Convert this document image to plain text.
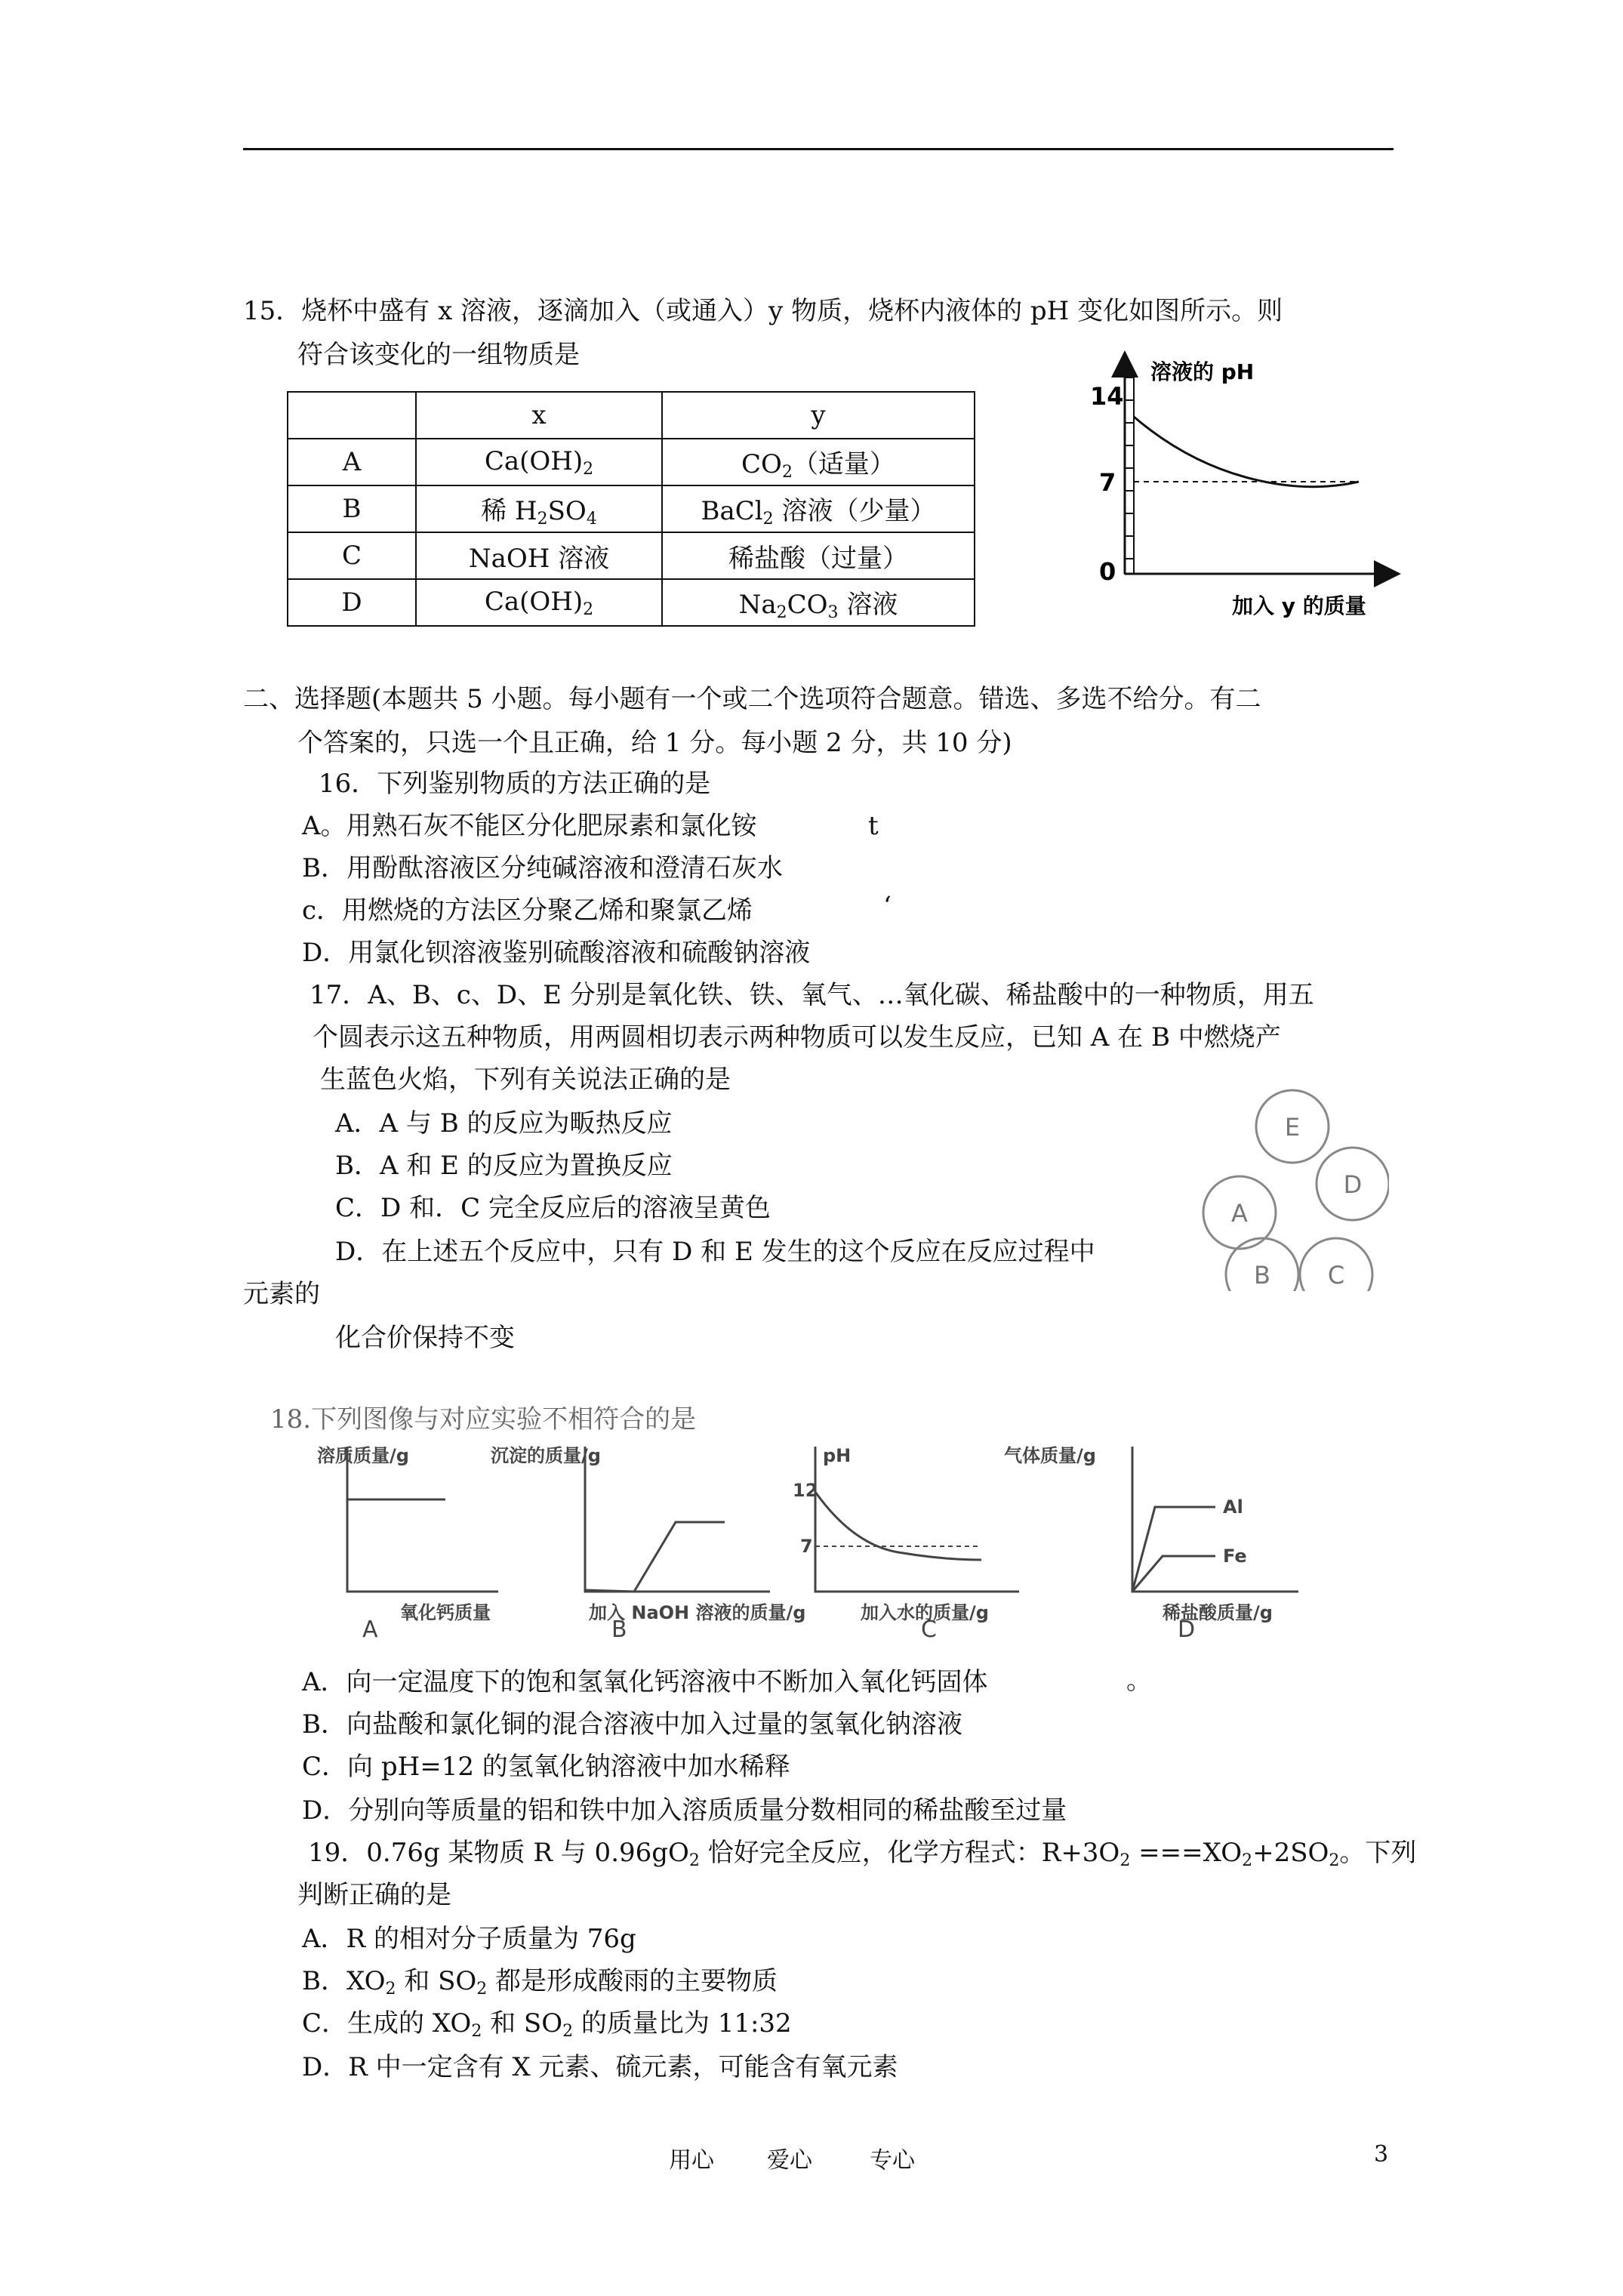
15．烧杯中盛有 x 溶液，逐滴加入（或通入）y 物质，烧杯内液体的 pH 变化如图所示。则
符合该变化的一组物质是
	x	y
A	$Ca(OH)_2$	$CO_2$（适量）
B	稀 $H_2SO_4$	BaCl$_2$ 溶液（少量）
C	NaOH 溶液	稀盐酸（过量）
D	$Ca(OH)_2$	$Na_2CO_3$ 溶液
14
7
0
溶液的 pH
加入 y 的质量
二、选择题(本题共 5 小题。每小题有一个或二个选项符合题意。错选、多选不给分。有二
个答案的，只选一个且正确，给 1 分。每小题 2 分，共 10 分)
16．下列鉴别物质的方法正确的是
A。用熟石灰不能区分化肥尿素和氯化铵	t
B．用酚酞溶液区分纯碱溶液和澄清石灰水
c．用燃烧的方法区分聚乙烯和聚氯乙烯	‘
D．用氯化钡溶液鉴别硫酸溶液和硫酸钠溶液
17．A、B、c、D、E 分别是氧化铁、铁、氧气、…氧化碳、稀盐酸中的一种物质，用五
个圆表示这五种物质，用两圆相切表示两种物质可以发生反应，已知 A 在 B 中燃烧产
生蓝色火焰，下列有关说法正确的是
A．A 与 B 的反应为畈热反应
B．A 和 E 的反应为置换反应
C．D 和．C 完全反应后的溶液呈黄色
D．在上述五个反应中，只有 D 和 E 发生的这个反应在反应过程中
元素的
化合价保持不变
E
A
D
B C
18.下列图像与对应实验不相符合的是
溶质质量/g
氧化钙质量
A
沉淀的质量/g
加入 NaOH 溶液的质量/g
B
pH
12
7
加入水的质量/g
C
气体质量/g
Al
Fe
稀盐酸质量/g
D
A．向一定温度下的饱和氢氧化钙溶液中不断加入氧化钙固体	。
B．向盐酸和氯化铜的混合溶液中加入过量的氢氧化钠溶液
C．向 pH=12 的氢氧化钠溶液中加水稀释
D．分别向等质量的铝和铁中加入溶质质量分数相同的稀盐酸至过量
19．0.76g 某物质 R 与 $0.96gO_2$ 恰好完全反应，化学方程式：$R+3O_2 ===XO_2+2SO_2$。下列
判断正确的是
A．R 的相对分子质量为 76g
B．$XO_2$ 和 $SO_2$ 都是形成酸雨的主要物质
C．生成的 $XO_2$ 和 $SO_2$ 的质量比为 11:32
D．R 中一定含有 X 元素、硫元素，可能含有氧元素
用心 爱心	专心	3
